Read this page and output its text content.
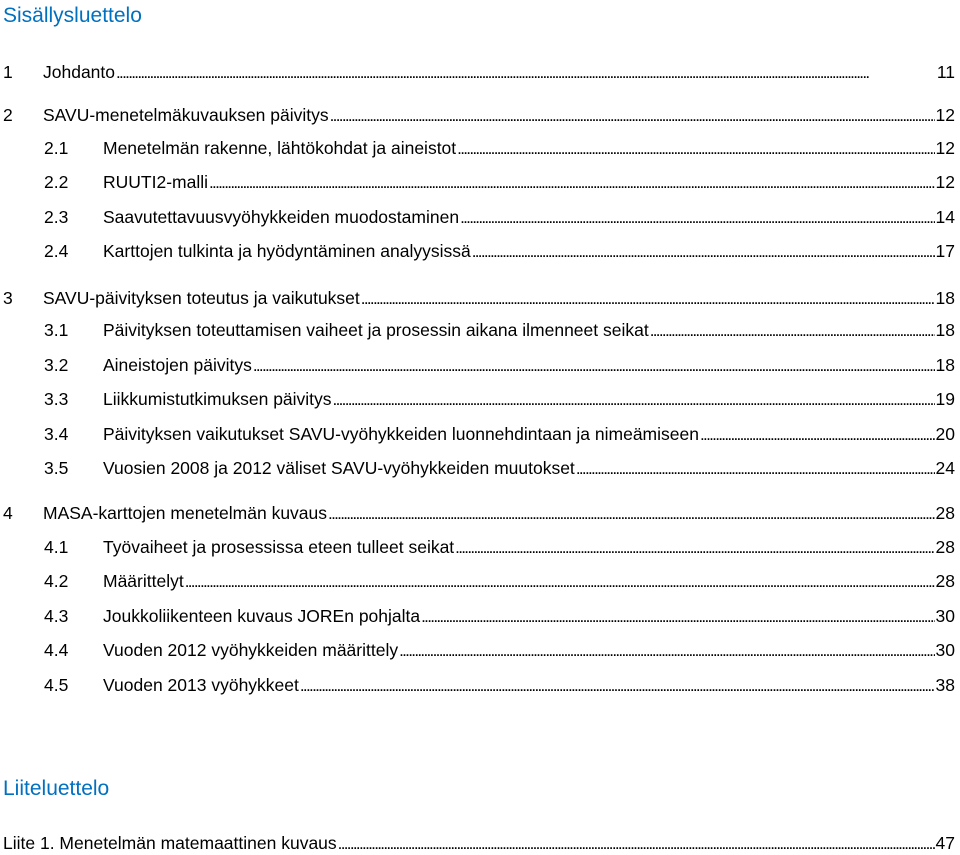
Sisällysluettelo
1	Johdanto . . .	11
2	SAVU-menetelmäkuvauksen päivitys . . .	12
2.1	Menetelmän rakenne, lähtökohdat ja aineistot . . .	12
2.2	RUUTI2-malli . . .	12
2.3	Saavutettavuusvyöhykkeiden muodostaminen . . .	14
2.4	Karttojen tulkinta ja hyödyntäminen analyysissä . . .	17
3	SAVU-päivityksen toteutus ja vaikutukset . . .	18
3.1	Päivityksen toteuttamisen vaiheet ja prosessin aikana ilmenneet seikat . . .	18
3.2	Aineistojen päivitys . . .	18
3.3	Liikkumistutkimuksen päivitys . . .	19
3.4	Päivityksen vaikutukset SAVU-vyöhykkeiden luonnehdintaan ja nimeämiseen . . .	20
3.5	Vuosien 2008 ja 2012 väliset SAVU-vyöhykkeiden muutokset . . .	24
4	MASA-karttojen menetelmän kuvaus . . .	28
4.1	Työvaiheet ja prosessissa eteen tulleet seikat . . .	28
4.2	Määrittelyt . . .	28
4.3	Joukkoliikenteen kuvaus JOREn pohjalta . . .	30
4.4	Vuoden 2012 vyöhykkeiden määrittely . . .	30
4.5	Vuoden 2013 vyöhykkeet . . .	38
Liiteluettelo
Liite 1. Menetelmän matemaattinen kuvaus . . .	47
